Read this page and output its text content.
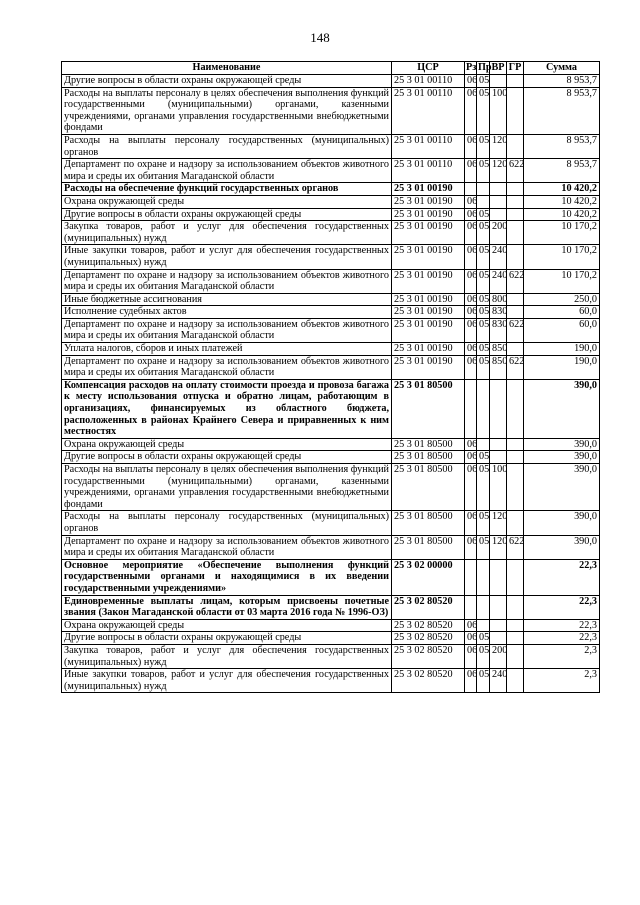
148
Наименование	ЦСР	Рз	Пр	ВР	ГР	Сумма
Другие вопросы в области охраны окружающей среды	25 3 01 00110	06	05			8 953,7
Расходы на выплаты персоналу в целях обеспечения выполнения функций государственными (муниципальными) органами, казенными учреждениями, органами управления государственными внебюджетными фондами	25 3 01 00110	06	05	100		8 953,7
Расходы на выплаты персоналу государственных (муниципальных) органов	25 3 01 00110	06	05	120		8 953,7
Департамент по охране и надзору за использованием объектов животного мира и среды их обитания Магаданской области	25 3 01 00110	06	05	120	622	8 953,7
Расходы на обеспечение функций государственных органов	25 3 01 00190					10 420,2
Охрана окружающей среды	25 3 01 00190	06				10 420,2
Другие вопросы в области охраны окружающей среды	25 3 01 00190	06	05			10 420,2
Закупка товаров, работ и услуг для обеспечения государственных (муниципальных) нужд	25 3 01 00190	06	05	200		10 170,2
Иные закупки товаров, работ и услуг для обеспечения государственных (муниципальных) нужд	25 3 01 00190	06	05	240		10 170,2
Департамент по охране и надзору за использованием объектов животного мира и среды их обитания Магаданской области	25 3 01 00190	06	05	240	622	10 170,2
Иные бюджетные ассигнования	25 3 01 00190	06	05	800		250,0
Исполнение судебных актов	25 3 01 00190	06	05	830		60,0
Департамент по охране и надзору за использованием объектов животного мира и среды их обитания Магаданской области	25 3 01 00190	06	05	830	622	60,0
Уплата налогов, сборов и иных платежей	25 3 01 00190	06	05	850		190,0
Департамент по охране и надзору за использованием объектов животного мира и среды их обитания Магаданской области	25 3 01 00190	06	05	850	622	190,0
Компенсация расходов на оплату стоимости проезда и провоза багажа к месту использования отпуска и обратно лицам, работающим в организациях, финансируемых из областного бюджета, расположенных в районах Крайнего Севера и приравненных к ним местностях	25 3 01 80500					390,0
Охрана окружающей среды	25 3 01 80500	06				390,0
Другие вопросы в области охраны окружающей среды	25 3 01 80500	06	05			390,0
Расходы на выплаты персоналу в целях обеспечения выполнения функций государственными (муниципальными) органами, казенными учреждениями, органами управления государственными внебюджетными фондами	25 3 01 80500	06	05	100		390,0
Расходы на выплаты персоналу государственных (муниципальных) органов	25 3 01 80500	06	05	120		390,0
Департамент по охране и надзору за использованием объектов животного мира и среды их обитания Магаданской области	25 3 01 80500	06	05	120	622	390,0
Основное мероприятие «Обеспечение выполнения функций государственными органами и находящимися в их введении государственными учреждениями»	25 3 02 00000					22,3
Единовременные выплаты лицам, которым присвоены почетные звания (Закон Магаданской области от 03 марта 2016 года № 1996-ОЗ)	25 3 02 80520					22,3
Охрана окружающей среды	25 3 02 80520	06				22,3
Другие вопросы в области охраны окружающей среды	25 3 02 80520	06	05			22,3
Закупка товаров, работ и услуг для обеспечения государственных (муниципальных) нужд	25 3 02 80520	06	05	200		2,3
Иные закупки товаров, работ и услуг для обеспечения государственных (муниципальных) нужд	25 3 02 80520	06	05	240		2,3
